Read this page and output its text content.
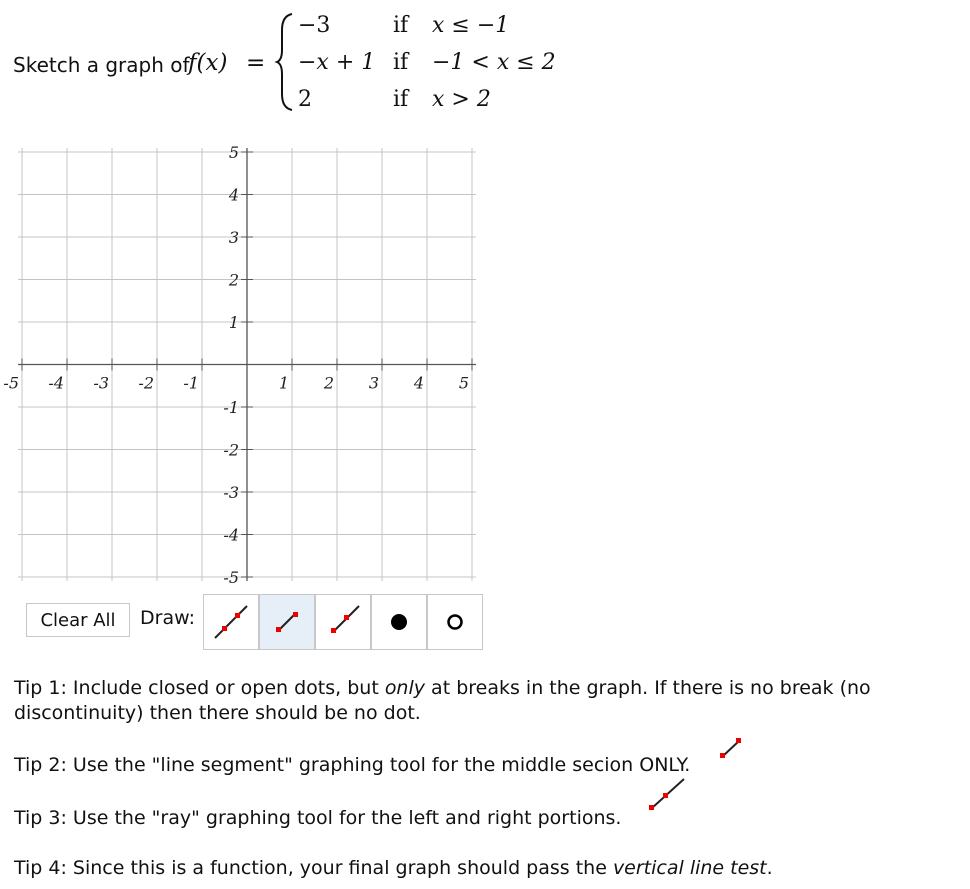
Sketch a graph of
f(x) =
−3	if x ≤ −1
−x + 1 if −1 < x ≤ 2
2	if x > 2
-5 -4 -3 -2 -1	1 2 3 4 5
5
4
3
2
1
-1
-2
-3
-4
-5
Clear All	Draw:
Tip 1: Include closed or open dots, but only at breaks in the graph. If there is no break (no discontinuity) then there should be no dot.
Tip 2: Use the "line segment" graphing tool for the middle secion ONLY.
Tip 3: Use the "ray" graphing tool for the left and right portions.
Tip 4: Since this is a function, your final graph should pass the vertical line test.
